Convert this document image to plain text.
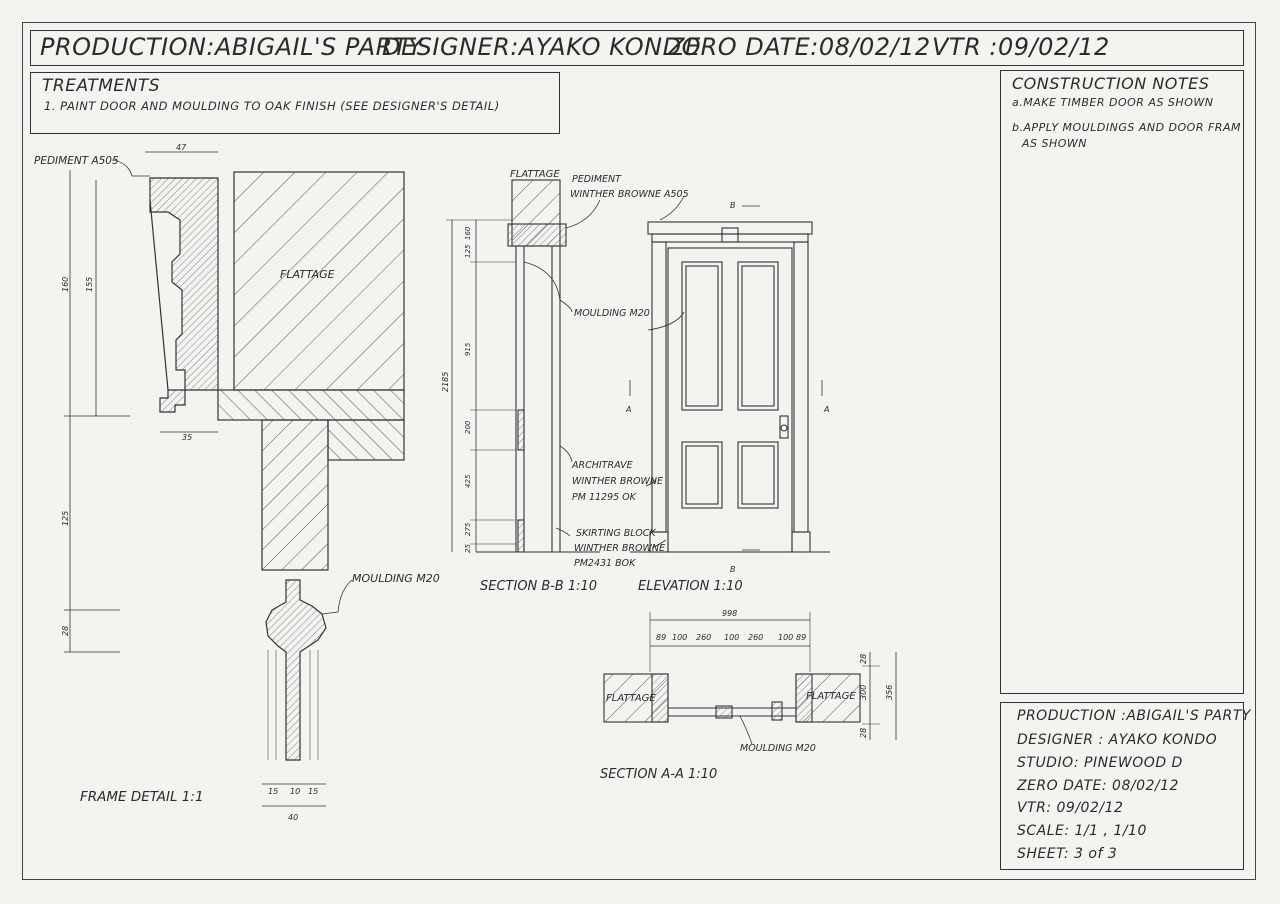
PRODUCTION:ABIGAIL'S PARTY
DESIGNER:AYAKO KONDO
ZERO DATE:08/02/12 VTR :09/02/12
TREATMENTS
1. PAINT DOOR AND MOULDING TO OAK FINISH (SEE DESIGNER'S DETAIL)
CONSTRUCTION NOTES
a.MAKE TIMBER DOOR AS SHOWN
b.APPLY MOULDINGS AND DOOR FRAM
AS SHOWN
PRODUCTION :ABIGAIL'S PARTY
DESIGNER : AYAKO KONDO
STUDIO: PINEWOOD D
ZERO DATE: 08/02/12
VTR: 09/02/12
SCALE: 1/1 , 1/10
SHEET: 3 of 3
PEDIMENT A505
FLATTAGE
MOULDING M20
FRAME DETAIL 1:1
47
160 155
35
125
28
15 10 15
40
FLATTAGE PEDIMENT
WINTHER BROWNE A505
MOULDING M20
ARCHITRAVE
WINTHER BROWNE
PM 11295 OK
SKIRTING BLOCK
WINTHER BROWNE
PM2431 BOK
SECTION B-B 1:10
2185
160
125
915
200
425
275
25
B
B
A	A
ELEVATION 1:10
FLATTAGE	FLATTAGE
MOULDING M20
SECTION A-A 1:10
998
89 100 260 100 260 100 89
28
300 356
28
